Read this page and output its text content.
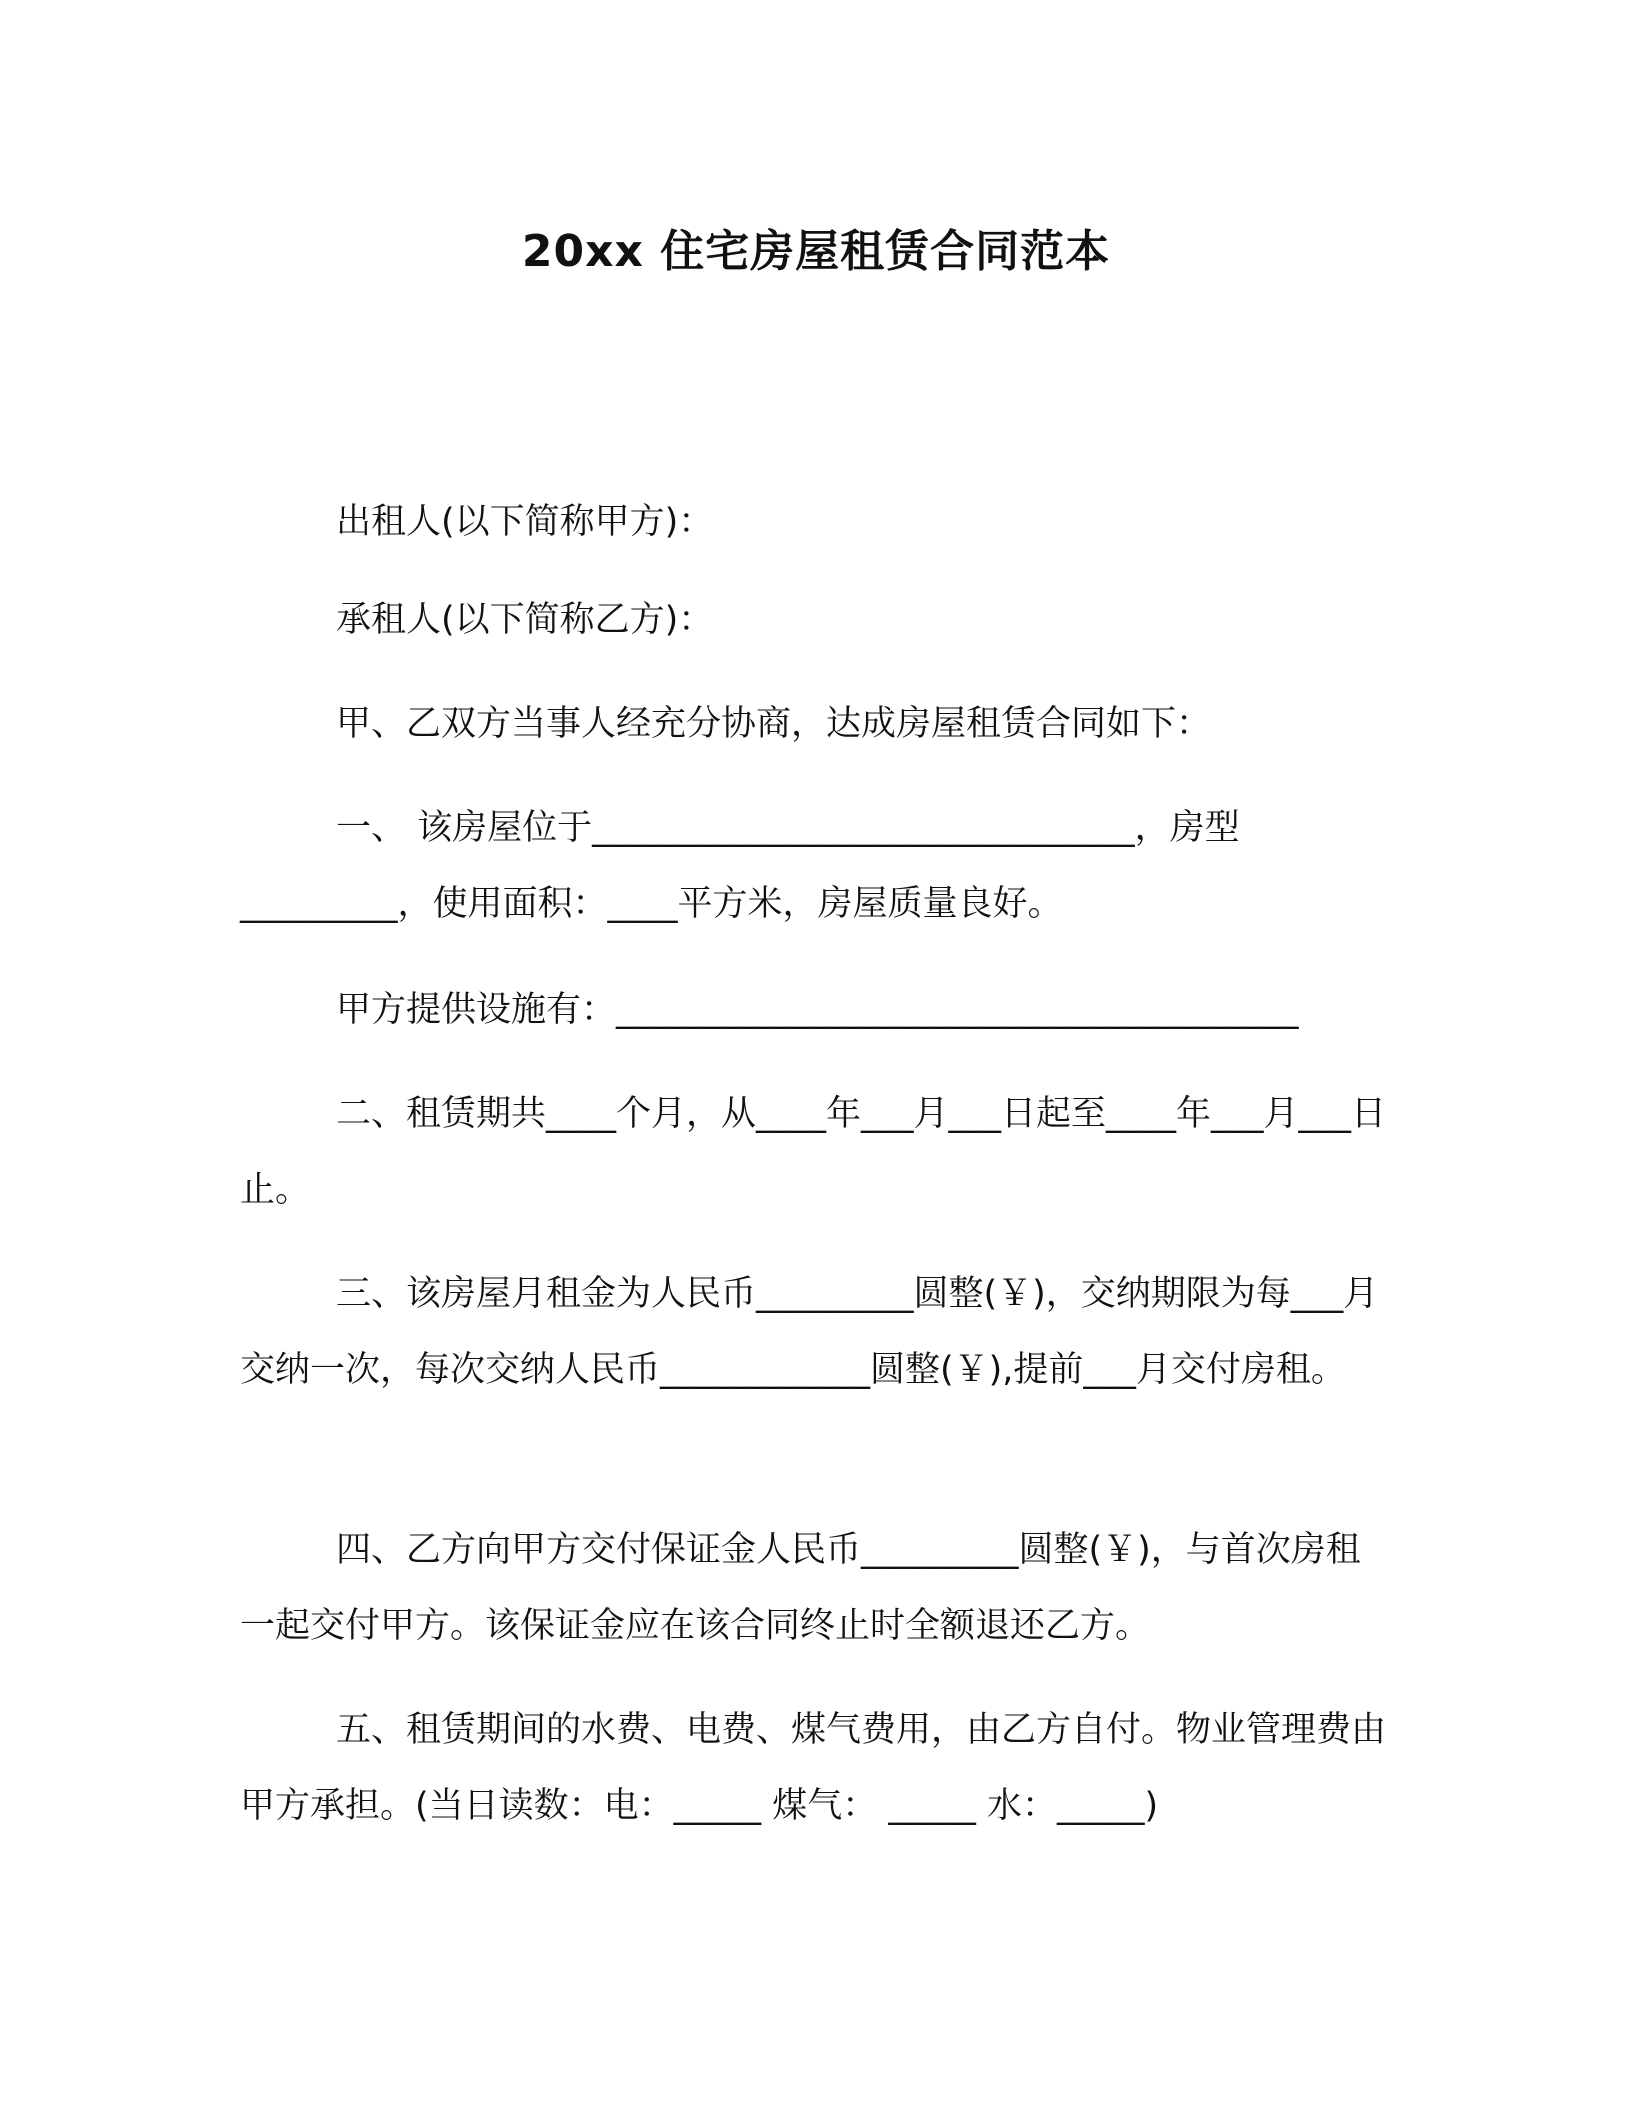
20xx 住宅房屋租赁合同范本
出租人(以下简称甲方)：
承租人(以下简称乙方)：
甲、乙双方当事人经充分协商，达成房屋租赁合同如下：
一、 该房屋位于_______________________________，房型_________，使用面积：____平方米，房屋质量良好。
甲方提供设施有：_______________________________________
二、租赁期共____个月，从____年___月___日起至____年___月___日止。
三、该房屋月租金为人民币_________圆整(￥)，交纳期限为每___月交纳一次，每次交纳人民币____________圆整(￥),提前___月交付房租。
四、乙方向甲方交付保证金人民币_________圆整(￥)，与首次房租一起交付甲方。该保证金应在该合同终止时全额退还乙方。
五、租赁期间的水费、电费、煤气费用，由乙方自付。物业管理费由甲方承担。(当日读数：电：_____ 煤气： _____ 水：_____)
